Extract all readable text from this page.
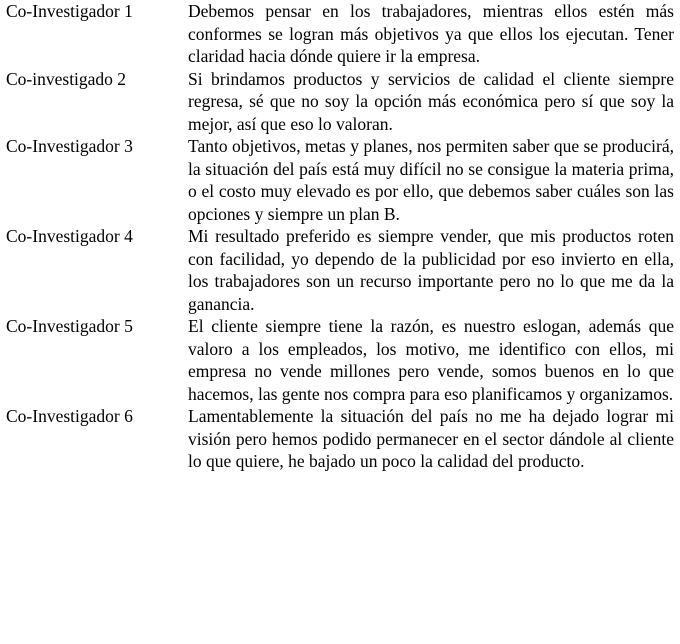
Co-Investigador 1	Debemos pensar en los trabajadores, mientras ellos estén más conformes se logran más objetivos ya que ellos los ejecutan. Tener claridad hacia dónde quiere ir la empresa.
Co-investigado 2	Si brindamos productos y servicios de calidad el cliente siempre regresa, sé que no soy la opción más económica pero sí que soy la mejor, así que eso lo valoran.
Co-Investigador 3	Tanto objetivos, metas y planes, nos permiten saber que se producirá, la situación del país está muy difícil no se consigue la materia prima, o el costo muy elevado es por ello, que debemos saber cuáles son las opciones y siempre un plan B.
Co-Investigador 4	Mi resultado preferido es siempre vender, que mis productos roten con facilidad, yo dependo de la publicidad por eso invierto en ella, los trabajadores son un recurso importante pero no lo que me da la ganancia.
Co-Investigador 5	El cliente siempre tiene la razón, es nuestro eslogan, además que valoro a los empleados, los motivo, me identifico con ellos, mi empresa no vende millones pero vende, somos buenos en lo que hacemos, las gente nos compra para eso planificamos y organizamos.
Co-Investigador 6	Lamentablemente la situación del país no me ha dejado lograr mi visión pero hemos podido permanecer en el sector dándole al cliente lo que quiere, he bajado un poco la calidad del producto.
